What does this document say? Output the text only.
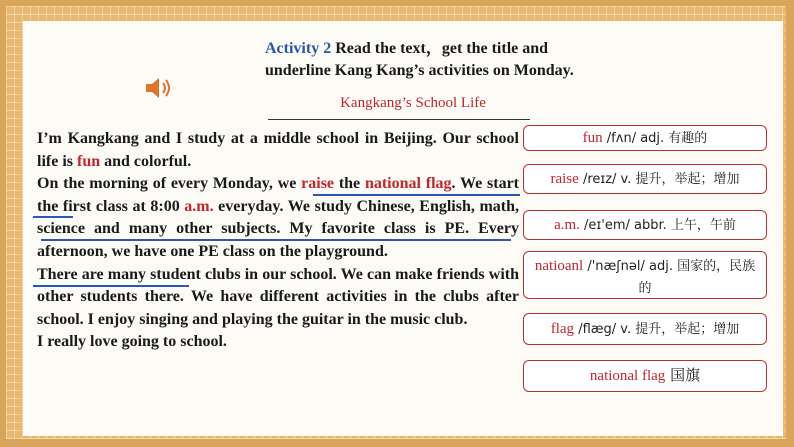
Activity 2 Read the text，get the title and
underline Kang Kang’s activities on Monday.
Kangkang’s School Life

I’m Kangkang and I study at a middle school in Beijing. Our school life is fun and colorful.

On the morning of every Monday, we raise the national flag. We start the first class at 8:00 a.m. everyday. We study Chinese, English, math, science and many other subjects. My favorite class is PE. Every afternoon, we have one PE class on the playground.

There are many student clubs in our school. We can make friends with other students there. We have different activities in the clubs after school. I enjoy singing and playing the guitar in the music club.

I really love going to school.

fun /fʌn/ adj. 有趣的
raise /reɪz/ v. 提升，举起；增加
a.m. /eɪ'em/ abbr. 上午，午前
natioanl /'næʃnəl/ adj. 国家的，民族的
flag /flæg/ v. 提升，举起；增加
national flag 国旗
